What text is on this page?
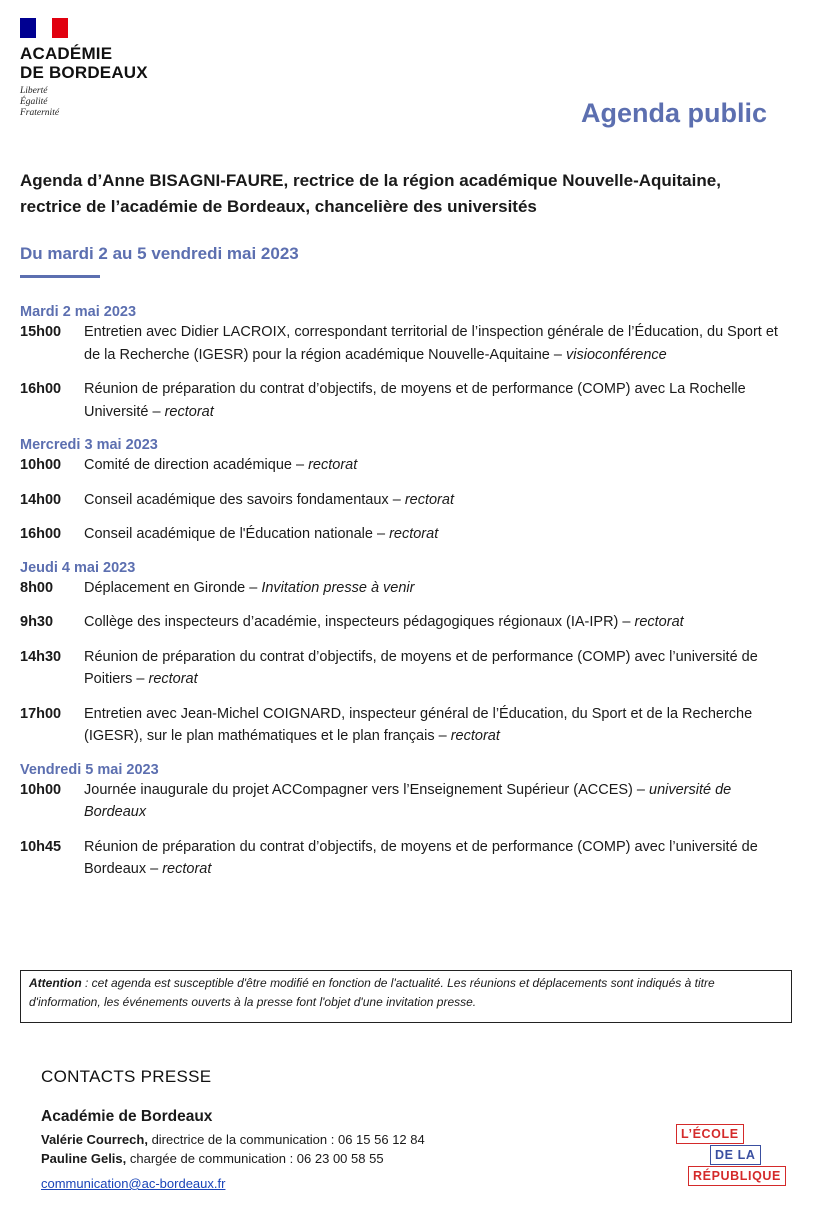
ACADÉMIE
DE BORDEAUX
Liberté
Égalité
Fraternité	Agenda public
Agenda d’Anne BISAGNI-FAURE, rectrice de la région académique Nouvelle-Aquitaine, rectrice de l’académie de Bordeaux, chancelière des universités
Du mardi 2 au 5 vendredi mai 2023
Mardi 2 mai 2023
15h00	Entretien avec Didier LACROIX, correspondant territorial de l’inspection générale de l’Éducation, du Sport et de la Recherche (IGESR) pour la région académique Nouvelle-Aquitaine – visioconférence
16h00	Réunion de préparation du contrat d’objectifs, de moyens et de performance (COMP) avec La Rochelle Université – rectorat
Mercredi 3 mai 2023
10h00	Comité de direction académique – rectorat
14h00	Conseil académique des savoirs fondamentaux – rectorat
16h00	Conseil académique de l'Éducation nationale – rectorat
Jeudi 4 mai 2023
8h00	Déplacement en Gironde – Invitation presse à venir
9h30	Collège des inspecteurs d’académie, inspecteurs pédagogiques régionaux (IA-IPR) – rectorat
14h30	Réunion de préparation du contrat d’objectifs, de moyens et de performance (COMP) avec l’université de Poitiers – rectorat
17h00	Entretien avec Jean-Michel COIGNARD, inspecteur général de l’Éducation, du Sport et de la Recherche (IGESR), sur le plan mathématiques et le plan français – rectorat
Vendredi 5 mai 2023
10h00	Journée inaugurale du projet ACCompagner vers l’Enseignement Supérieur (ACCES) – université de Bordeaux
10h45	Réunion de préparation du contrat d’objectifs, de moyens et de performance (COMP) avec l’université de Bordeaux – rectorat
Attention : cet agenda est susceptible d'être modifié en fonction de l'actualité. Les réunions et déplacements sont indiqués à titre d'information, les événements ouverts à la presse font l'objet d'une invitation presse.
CONTACTS PRESSE
Académie de Bordeaux
Valérie Courrech, directrice de la communication : 06 15 56 12 84
Pauline Gelis, chargée de communication : 06 23 00 58 55
communication@ac-bordeaux.fr
L’ÉCOLE
DE LA
RÉPUBLIQUE
